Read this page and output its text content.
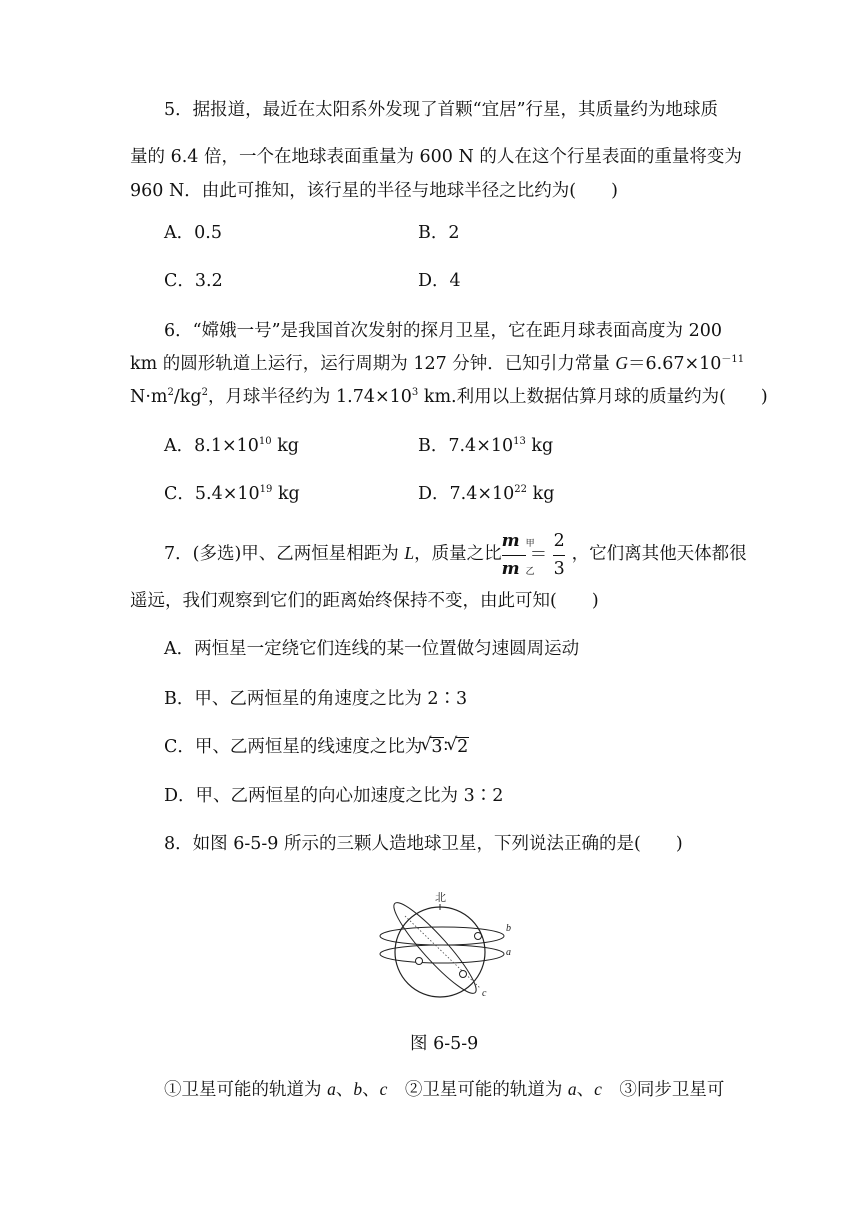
5．据报道，最近在太阳系外发现了首颗“宜居”行星，其质量约为地球质
量的 6.4 倍，一个在地球表面重量为 600 N 的人在这个行星表面的重量将变为
960 N．由此可推知，该行星的半径与地球半径之比约为(　　)
A．0.5	B．2
C．3.2	D．4
6．“嫦娥一号”是我国首次发射的探月卫星，它在距月球表面高度为 200
km 的圆形轨道上运行，运行周期为 127 分钟．已知引力常量 $G=6.67\times 10^{-11}$
$N\cdot m^2/kg^2$，月球半径约为 $1.74\times 10^3$ km.利用以上数据估算月球的质量约为(　　)
A．$8.1\times 10^{10}$ kg	B．$7.4\times 10^{13}$ kg
C．$5.4\times 10^{19}$ kg	D．$7.4\times 10^{22}$ kg
7．(多选)甲、乙两恒星相距为 L，质量之比
m甲
m乙
＝
2
3
，它们离其他天体都很
遥远，我们观察到它们的距离始终保持不变，由此可知(　　)
A．两恒星一定绕它们连线的某一位置做匀速圆周运动
B．甲、乙两恒星的角速度之比为 2∶3
C．甲、乙两恒星的线速度之比为 √ 3∶ √ 2
D．甲、乙两恒星的向心加速度之比为 3∶2
8．如图 6-5-9 所示的三颗人造地球卫星，下列说法正确的是(　　)
北
b
a
c
图 6-5-9
①卫星可能的轨道为 a、b、c　②卫星可能的轨道为 a、c　③同步卫星可
